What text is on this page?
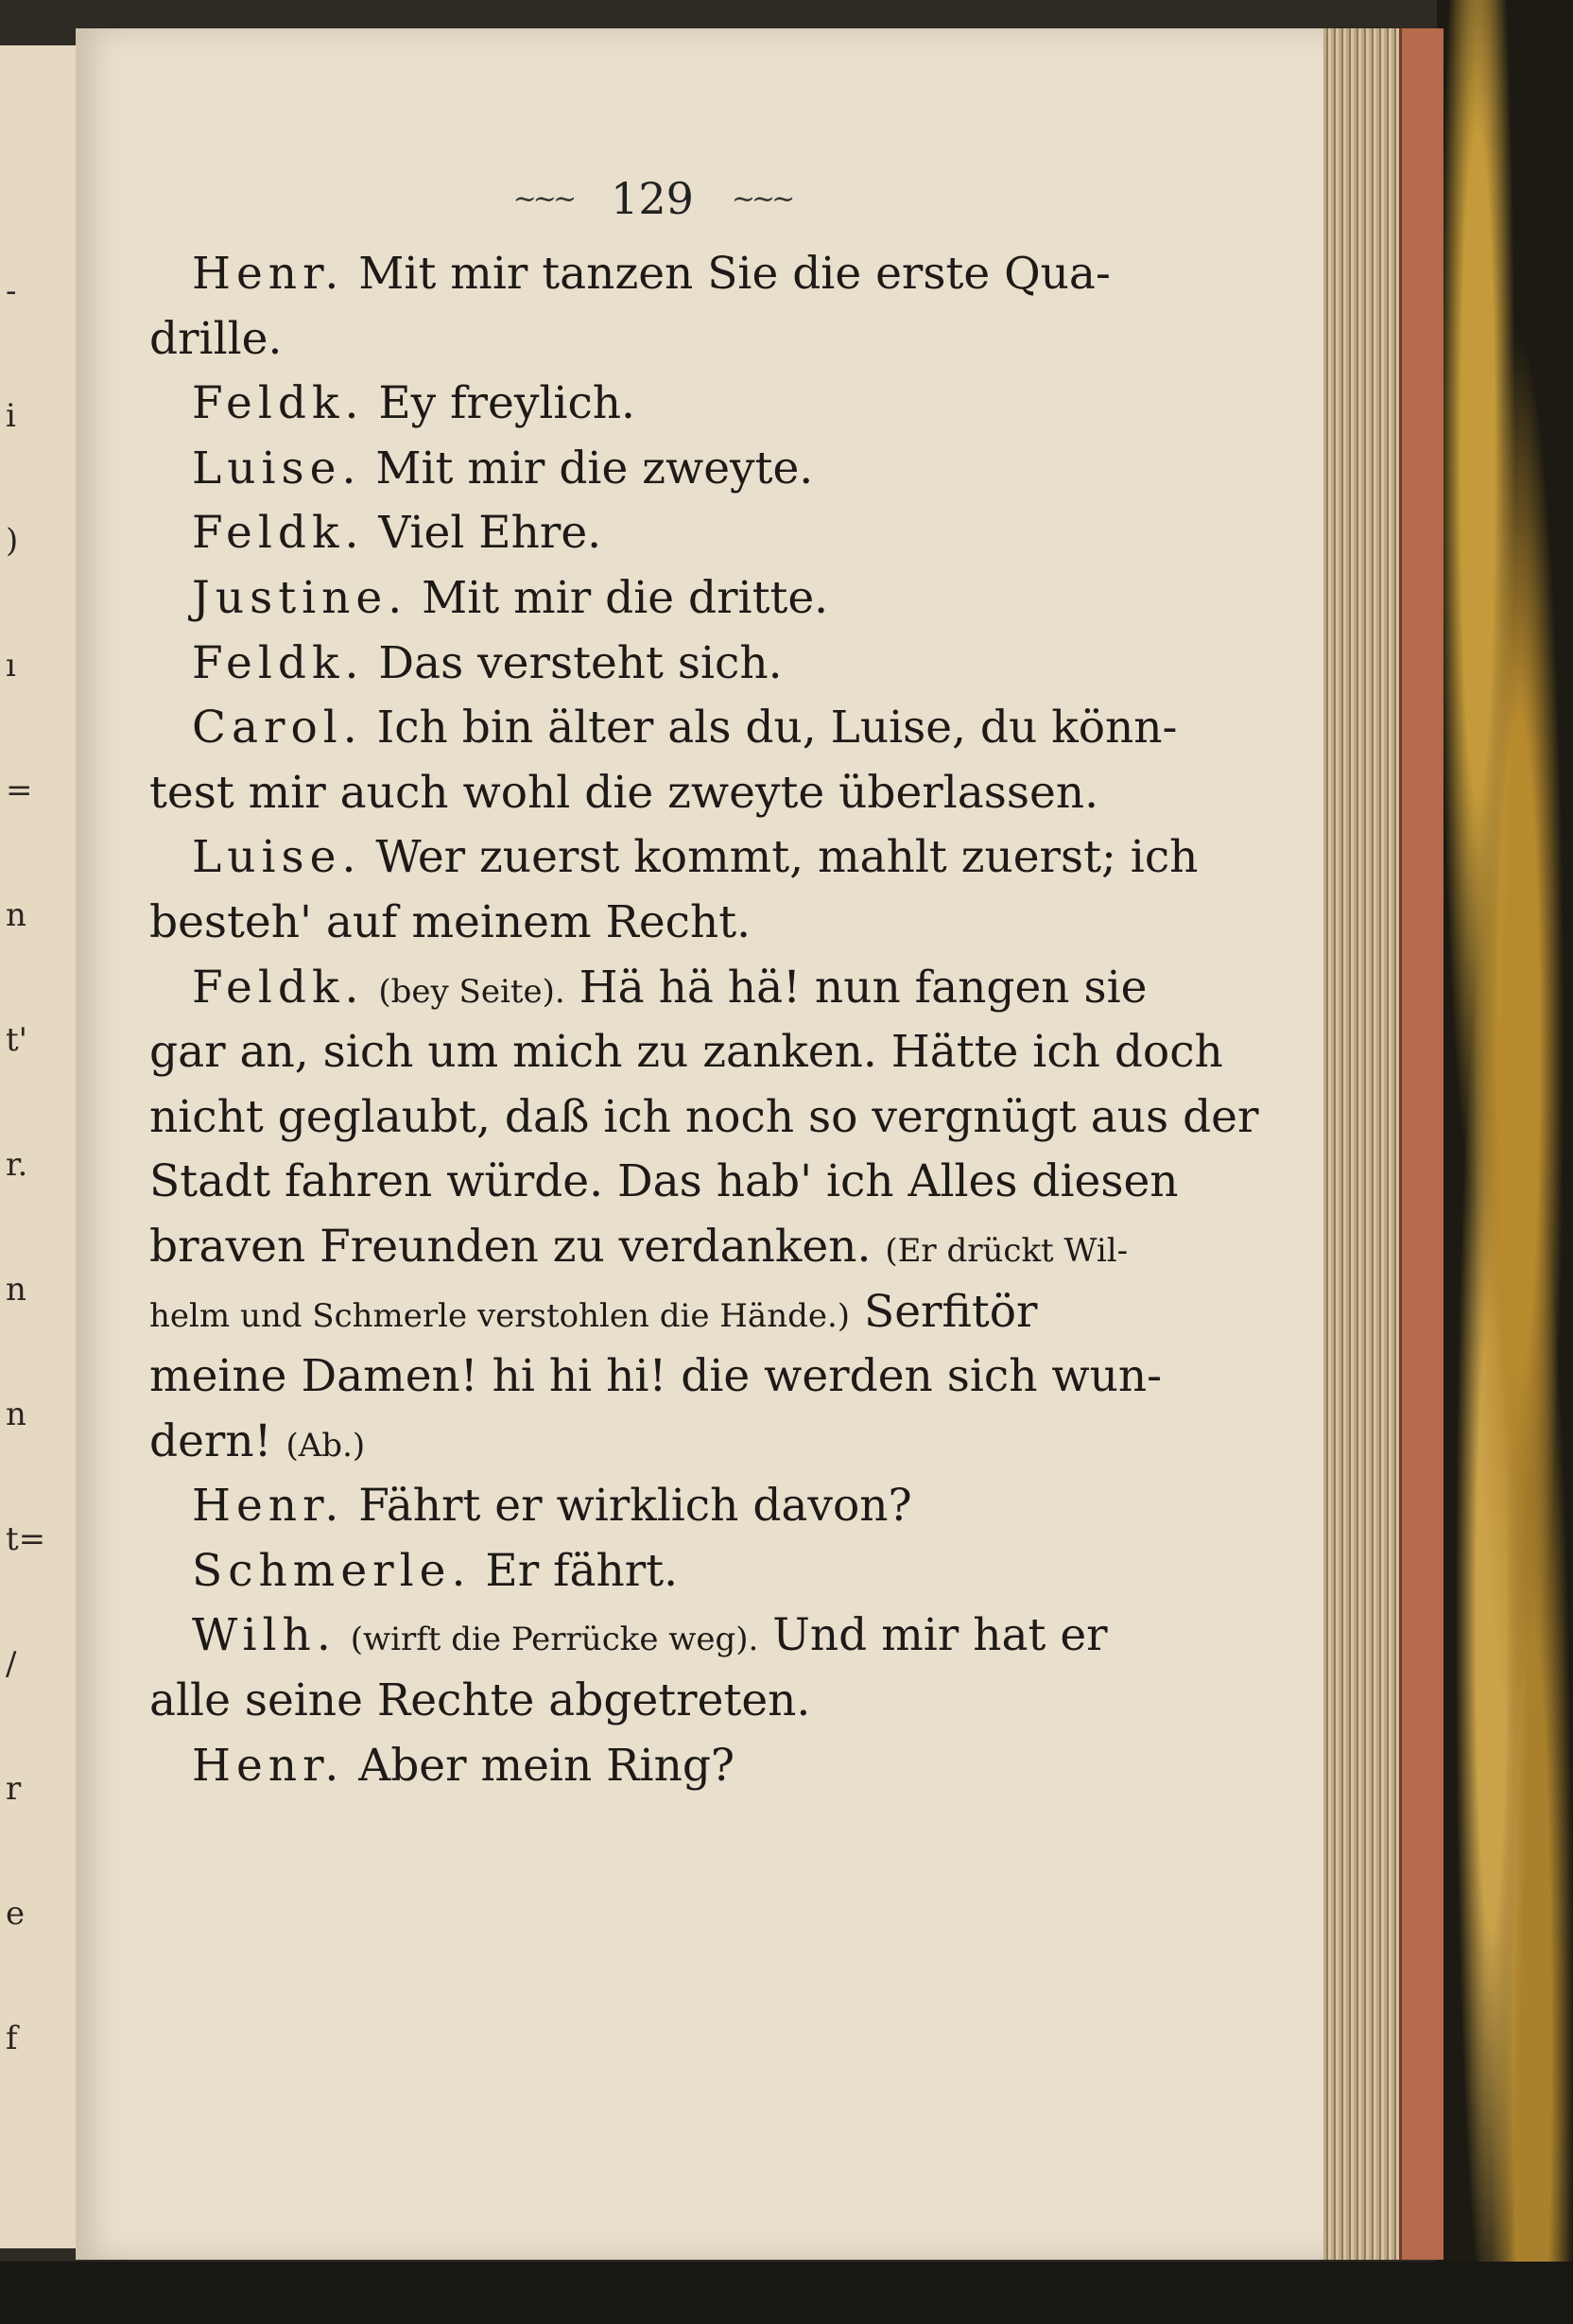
-
i
)
ı
=
n
t'
r.
n
n
t=
/
r
e
f
~~~ 129 ~~~
Henr. Mit mir tanzen Sie die erste Qua-
drille.
Feldk. Ey freylich.
Luise. Mit mir die zweyte.
Feldk. Viel Ehre.
Justine. Mit mir die dritte.
Feldk. Das versteht sich.
Carol. Ich bin älter als du, Luise, du könn-
test mir auch wohl die zweyte überlassen.
Luise. Wer zuerst kommt, mahlt zuerst; ich
besteh' auf meinem Recht.
Feldk. (bey Seite). Hä hä hä! nun fangen sie
gar an, sich um mich zu zanken. Hätte ich doch
nicht geglaubt, daß ich noch so vergnügt aus der
Stadt fahren würde. Das hab' ich Alles diesen
braven Freunden zu verdanken. (Er drückt Wil-
helm und Schmerle verstohlen die Hände.) Serfitör
meine Damen! hi hi hi! die werden sich wun-
dern! (Ab.)
Henr. Fährt er wirklich davon?
Schmerle. Er fährt.
Wilh. (wirft die Perrücke weg). Und mir hat er
alle seine Rechte abgetreten.
Henr. Aber mein Ring?
